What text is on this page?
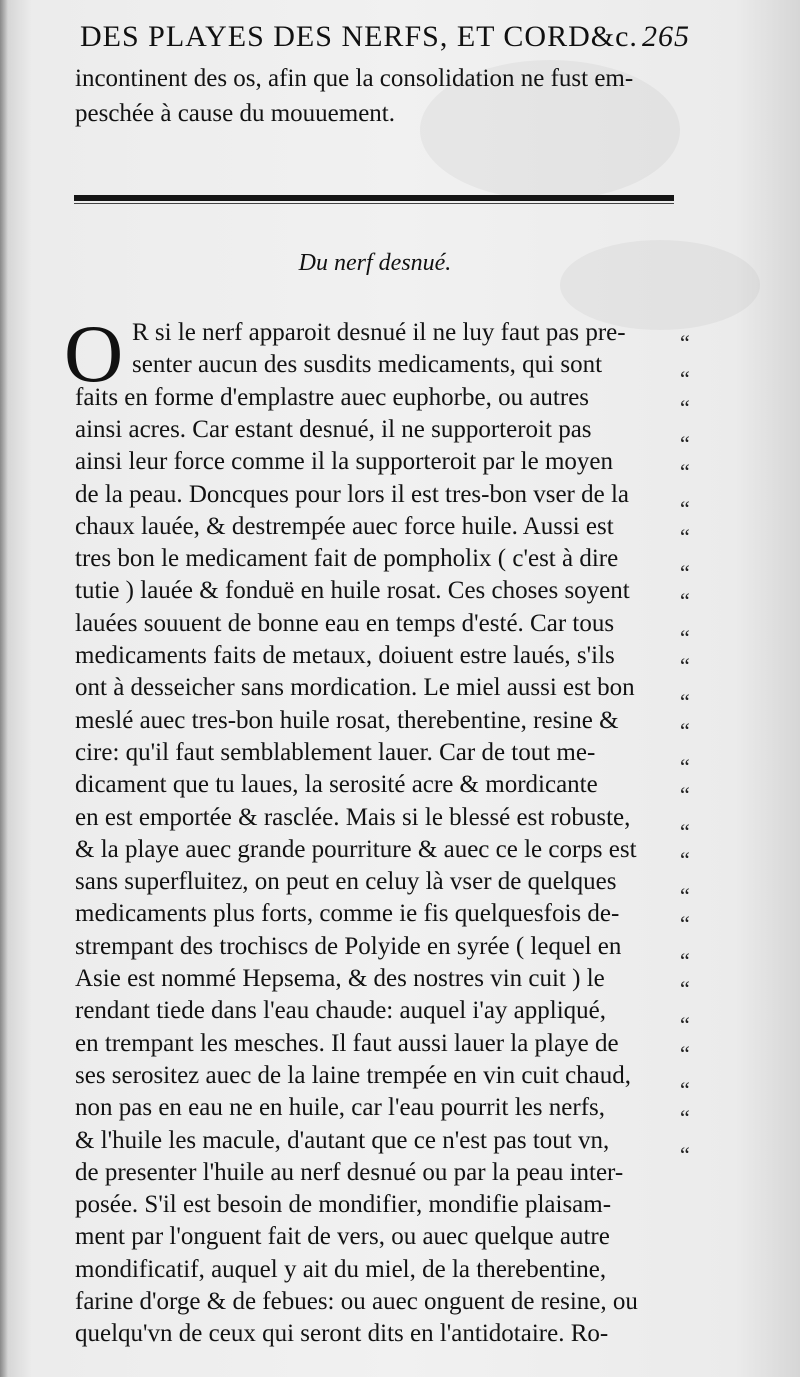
DES PLAYES DES NERFS, ET CORD&c. 265
incontinent des os, afin que la consolidation ne fust em-
peschée à cause du mouuement.
Du nerf desnué.
O R si le nerf apparoit desnué il ne luy faut pas pre-
senter aucun des susdits medicaments, qui sont
faits en forme d'emplastre auec euphorbe, ou autres
ainsi acres. Car estant desnué, il ne supporteroit pas
ainsi leur force comme il la supporteroit par le moyen
de la peau. Doncques pour lors il est tres-bon vser de la
chaux lauée, & destrempée auec force huile. Aussi est
tres bon le medicament fait de pompholix ( c'est à dire
tutie ) lauée & fonduë en huile rosat. Ces choses soyent
lauées souuent de bonne eau en temps d'esté. Car tous
medicaments faits de metaux, doiuent estre laués, s'ils
ont à desseicher sans mordication. Le miel aussi est bon
meslé auec tres-bon huile rosat, therebentine, resine &
cire: qu'il faut semblablement lauer. Car de tout me-
dicament que tu laues, la serosité acre & mordicante
en est emportée & rasclée. Mais si le blessé est robuste,
& la playe auec grande pourriture & auec ce le corps est
sans superfluitez, on peut en celuy là vser de quelques
medicaments plus forts, comme ie fis quelquesfois de-
strempant des trochiscs de Polyide en syrée ( lequel en
Asie est nommé Hepsema, & des nostres vin cuit ) le
rendant tiede dans l'eau chaude: auquel i'ay appliqué,
en trempant les mesches. Il faut aussi lauer la playe de
ses serositez auec de la laine trempée en vin cuit chaud,
non pas en eau ne en huile, car l'eau pourrit les nerfs,
& l'huile les macule, d'autant que ce n'est pas tout vn,
de presenter l'huile au nerf desnué ou par la peau inter-
posée. S'il est besoin de mondifier, mondifie plaisam-
ment par l'onguent fait de vers, ou auec quelque autre
mondificatif, auquel y ait du miel, de la therebentine,
farine d'orge & de febues: ou auec onguent de resine, ou
quelqu'vn de ceux qui seront dits en l'antidotaire. Ro-
“
“
“
“
“
“
“
“
“
“
“
“
“
“
“
“
“
“
“
“
“
“
“
“
“
“
